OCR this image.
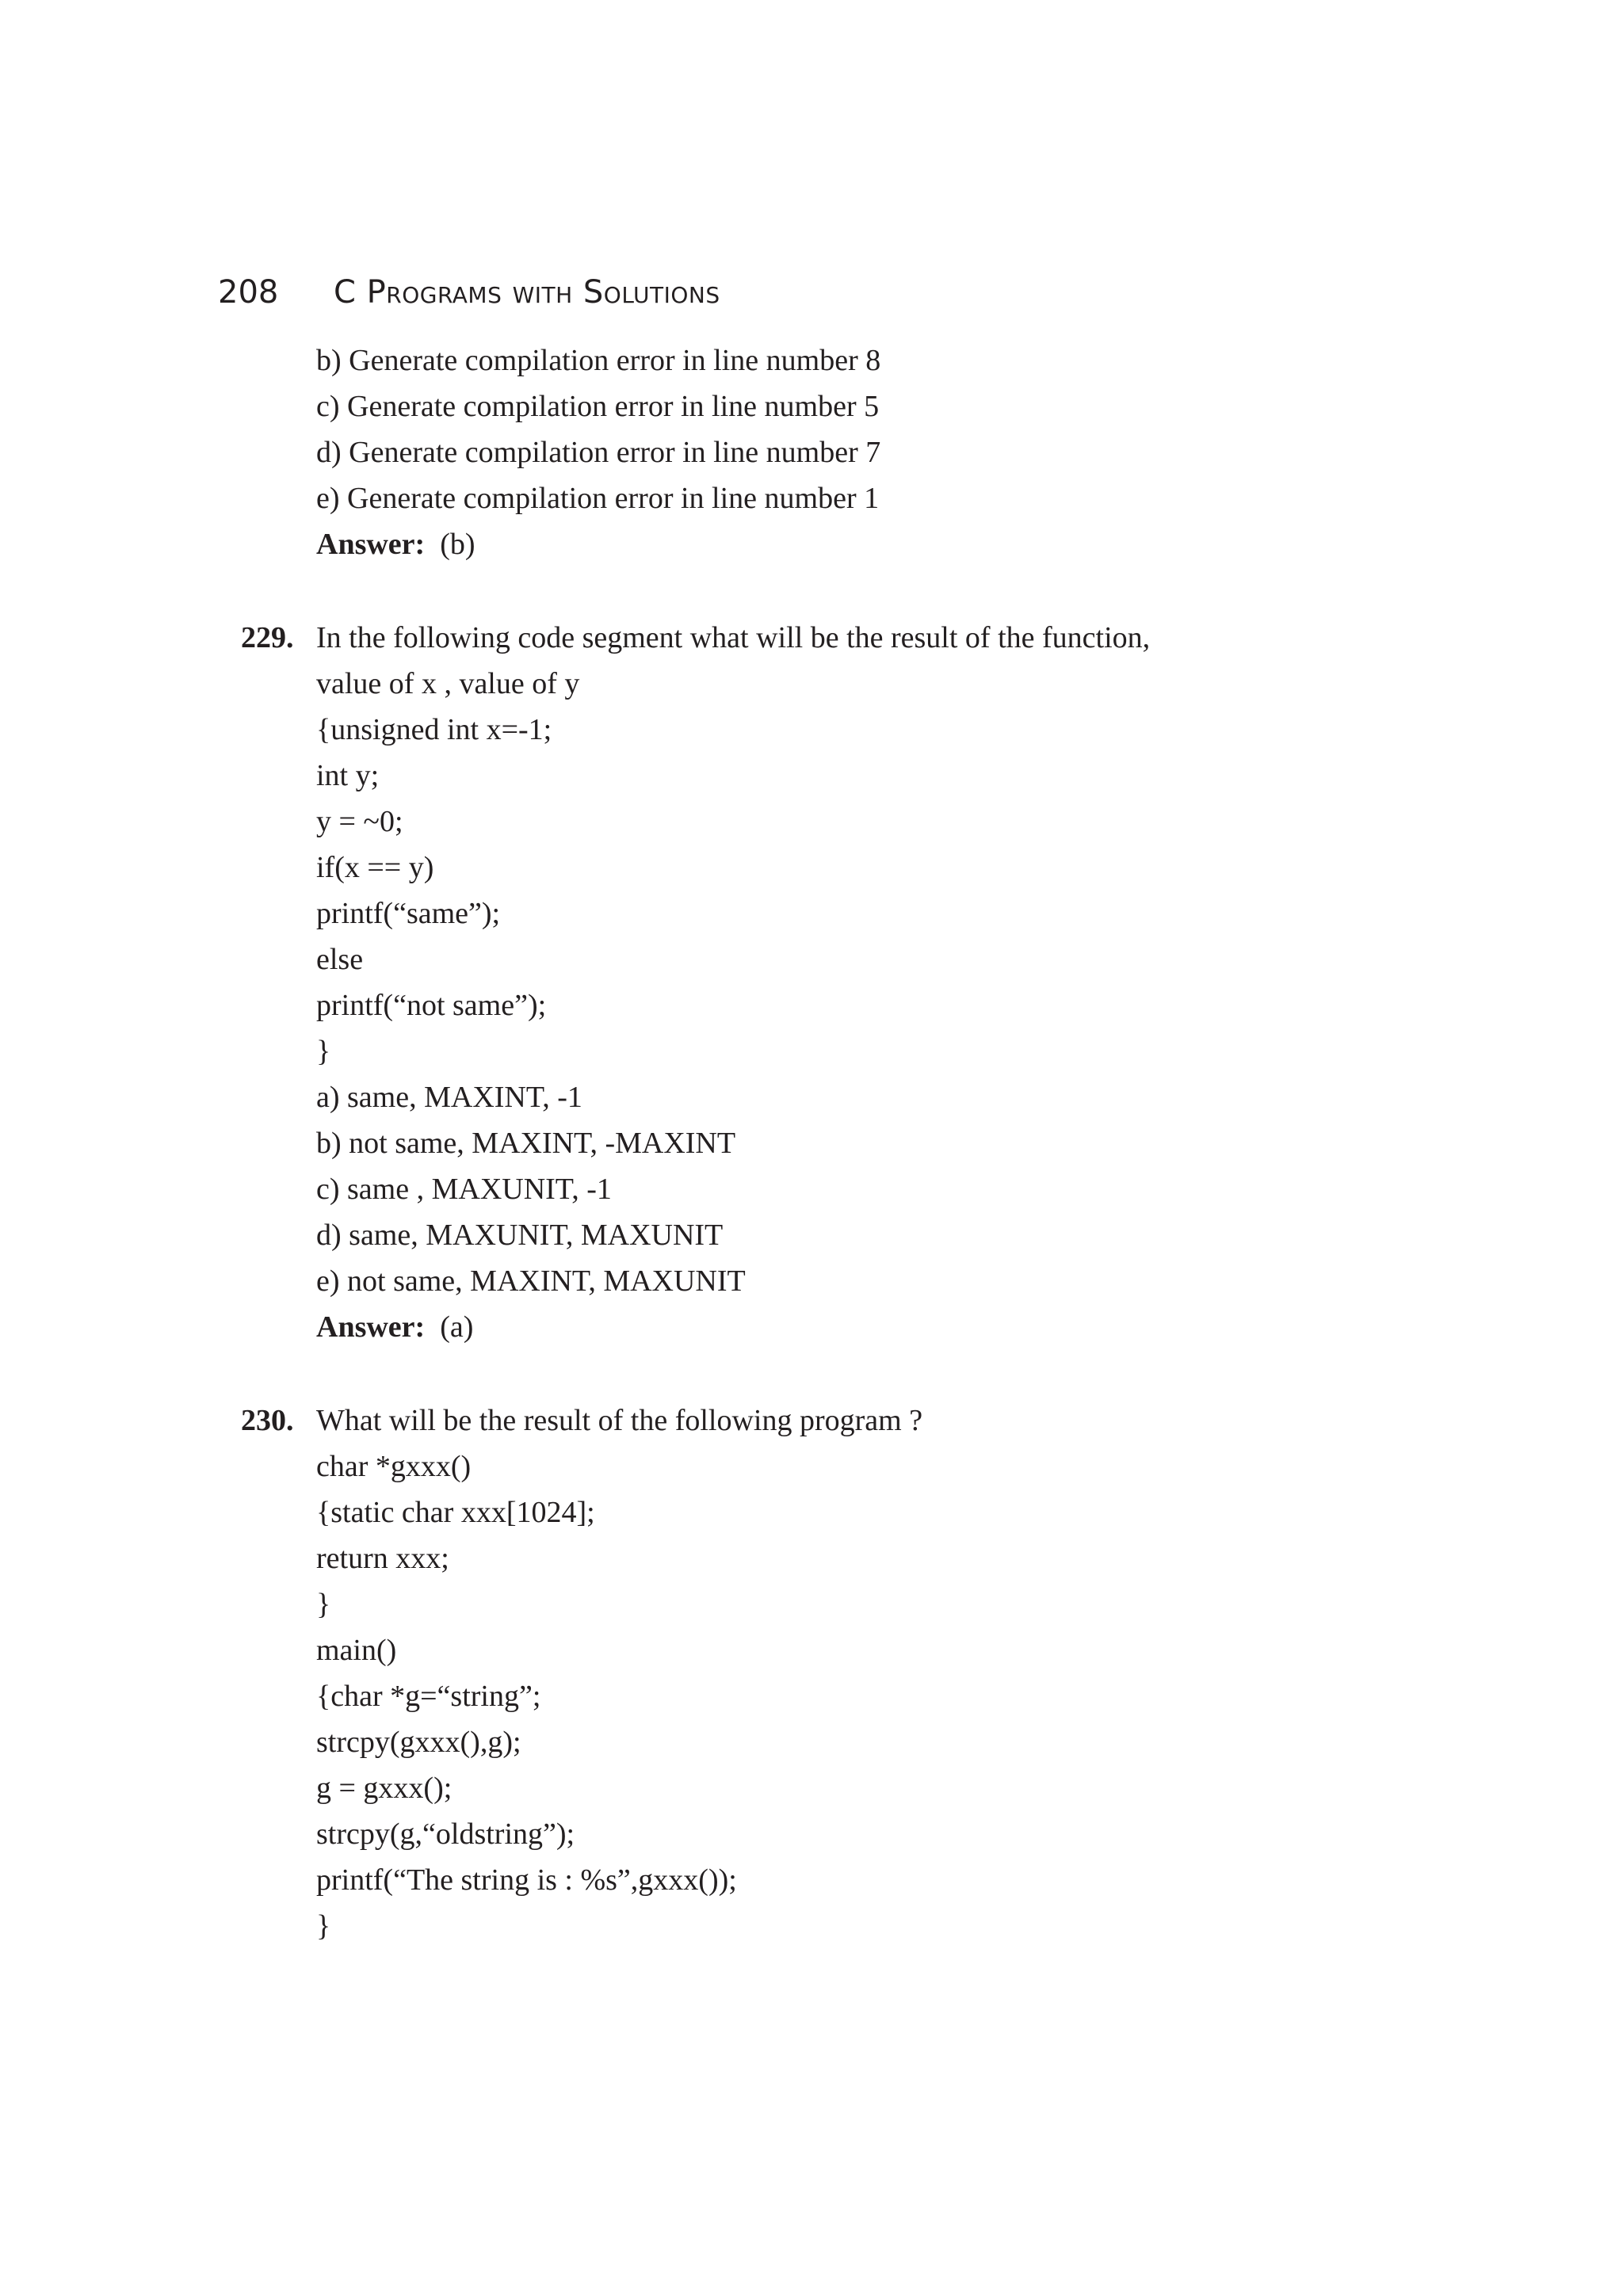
208	C Programs with Solutions
b) Generate compilation error in line number 8
c) Generate compilation error in line number 5
d) Generate compilation error in line number 7
e) Generate compilation error in line number 1
Answer: (b)
229. In the following code segment what will be the result of the function,
value of x , value of y
{unsigned int x=-1;
int y;
y = ~0;
if(x == y)
printf(“same”);
else
printf(“not same”);
}
a) same, MAXINT, -1
b) not same, MAXINT, -MAXINT
c) same , MAXUNIT, -1
d) same, MAXUNIT, MAXUNIT
e) not same, MAXINT, MAXUNIT
Answer: (a)
230. What will be the result of the following program ?
char *gxxx()
{static char xxx[1024];
return xxx;
}
main()
{char *g=“string”;
strcpy(gxxx(),g);
g = gxxx();
strcpy(g,“oldstring”);
printf(“The string is : %s”,gxxx());
}
